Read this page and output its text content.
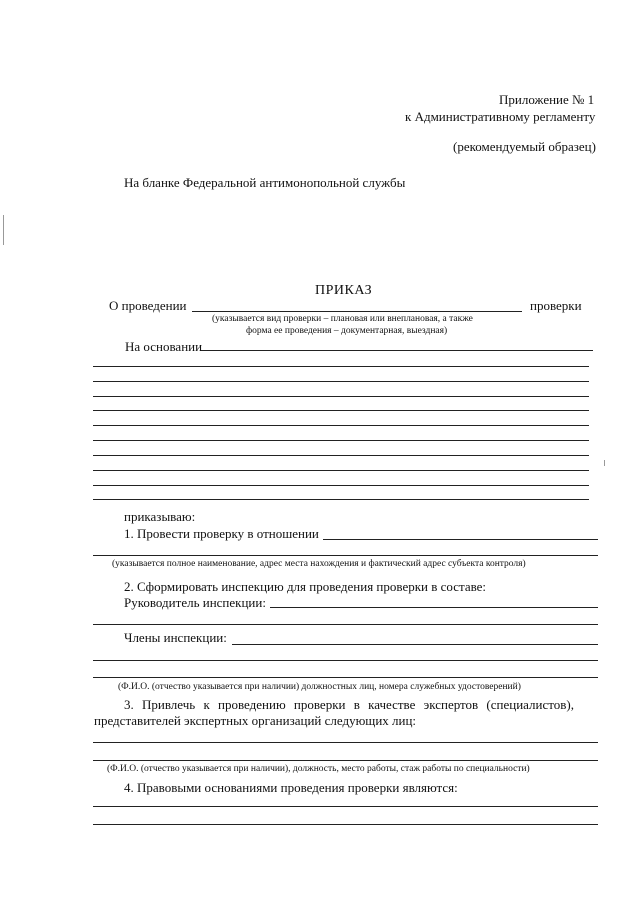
Приложение № 1
к Административному регламенту
(рекомендуемый образец)
На бланке Федеральной антимонопольной службы
ПРИКАЗ
О проведении	проверки
(указывается вид проверки – плановая или внеплановая, а также
форма ее проведения – документарная, выездная)
На основании
приказываю:
1. Провести проверку в отношении
(указывается полное наименование, адрес места нахождения и фактический адрес субъекта контроля)
2. Сформировать инспекцию для проведения проверки в составе:
Руководитель инспекции:
Члены инспекции:
(Ф.И.О. (отчество указывается при наличии) должностных лиц, номера служебных удостоверений)
3. Привлечь к проведению проверки в качестве экспертов (специалистов),
представителей экспертных организаций следующих лиц:
(Ф.И.О. (отчество указывается при наличии), должность, место работы, стаж работы по специальности)
4. Правовыми основаниями проведения проверки являются:
